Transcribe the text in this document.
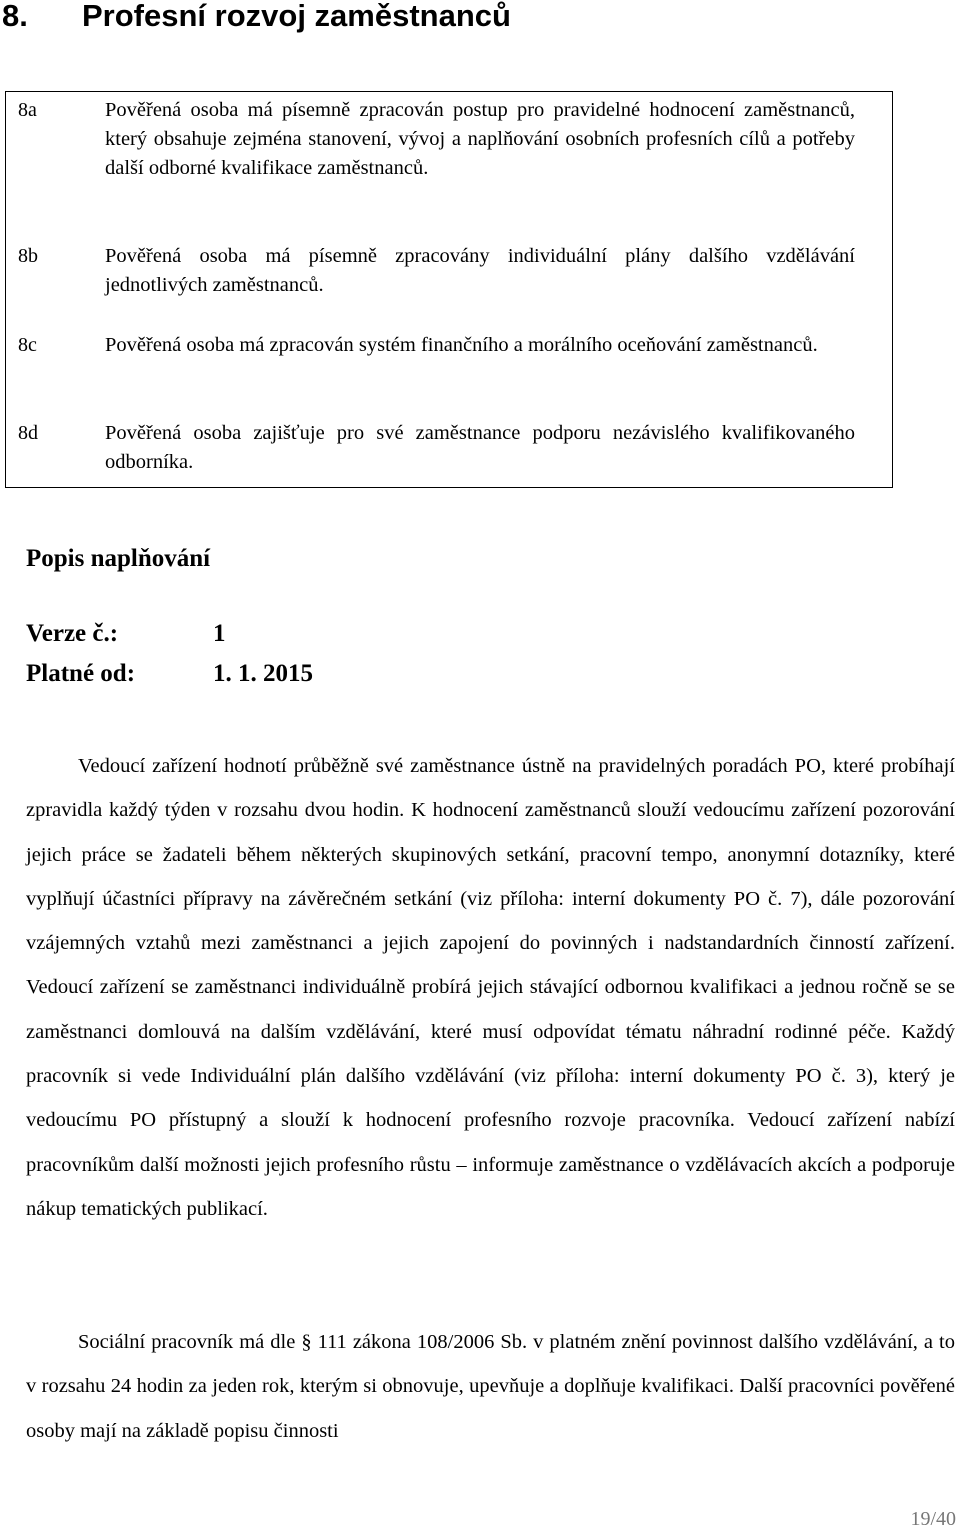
8. Profesní rozvoj zaměstnanců
8a	Pověřená osoba má písemně zpracován postup pro pravidelné hodnocení zaměstnanců, který obsahuje zejména stanovení, vývoj a naplňování osobních profesních cílů a potřeby další odborné kvalifikace zaměstnanců.
8b	Pověřená osoba má písemně zpracovány individuální plány dalšího vzdělávání jednotlivých zaměstnanců.
8c	Pověřená osoba má zpracován systém finančního a morálního oceňování zaměstnanců.
8d	Pověřená osoba zajišťuje pro své zaměstnance podporu nezávislého kvalifikovaného odborníka.
Popis naplňování
Verze č.:	1
Platné od:	1. 1. 2015

Vedoucí zařízení hodnotí průběžně své zaměstnance ústně na pravidelných poradách PO, které probíhají zpravidla každý týden v rozsahu dvou hodin. K hodnocení zaměstnanců slouží vedoucímu zařízení pozorování jejich práce se žadateli během některých skupinových setkání, pracovní tempo, anonymní dotazníky, které vyplňují účastníci přípravy na závěrečném setkání (viz příloha: interní dokumenty PO č. 7), dále pozorování vzájemných vztahů mezi zaměstnanci a jejich zapojení do povinných i nadstandardních činností zařízení. Vedoucí zařízení se zaměstnanci individuálně probírá jejich stávající odbornou kvalifikaci a jednou ročně se se zaměstnanci domlouvá na dalším vzdělávání, které musí odpovídat tématu náhradní rodinné péče. Každý pracovník si vede Individuální plán dalšího vzdělávání (viz příloha: interní dokumenty PO č. 3), který je vedoucímu PO přístupný a slouží k hodnocení profesního rozvoje pracovníka. Vedoucí zařízení nabízí pracovníkům další možnosti jejich profesního růstu – informuje zaměstnance o vzdělávacích akcích a podporuje nákup tematických publikací.

Sociální pracovník má dle § 111 zákona 108/2006 Sb. v platném znění povinnost dalšího vzdělávání, a to v rozsahu 24 hodin za jeden rok, kterým si obnovuje, upevňuje a doplňuje kvalifikaci. Další pracovníci pověřené osoby mají na základě popisu činnosti

19/40
